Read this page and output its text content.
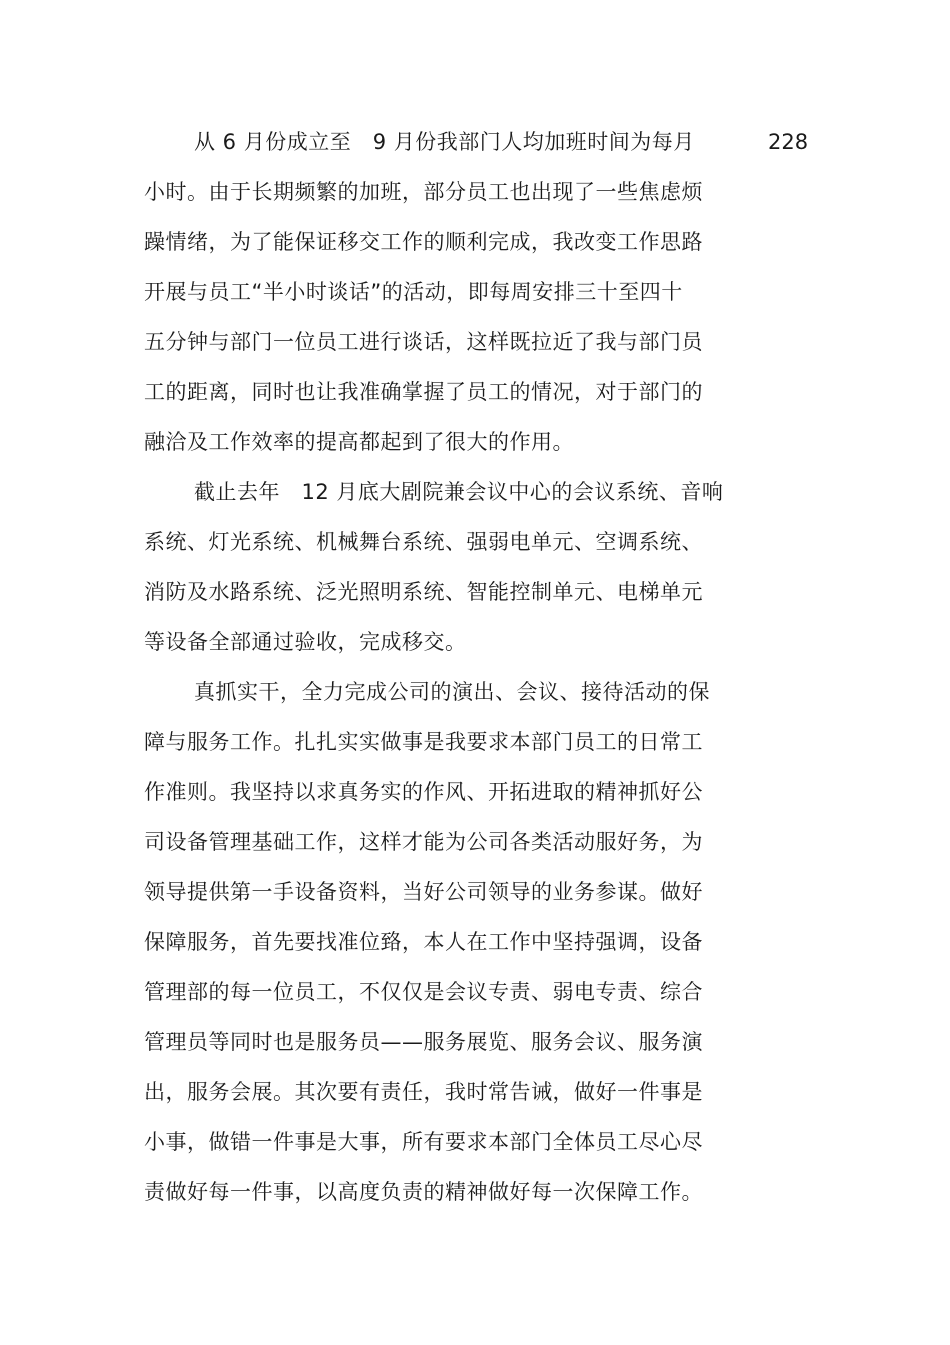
从 6 月份成立至　9 月份我部门人均加班时间为每月	228
小时。由于长期频繁的加班，部分员工也出现了一些焦虑烦
躁情绪，为了能保证移交工作的顺利完成，我改变工作思路
开展与员工“半小时谈话”的活动，即每周安排三十至四十
五分钟与部门一位员工进行谈话，这样既拉近了我与部门员
工的距离，同时也让我准确掌握了员工的情况，对于部门的
融洽及工作效率的提高都起到了很大的作用。
截止去年　12 月底大剧院兼会议中心的会议系统、音响
系统、灯光系统、机械舞台系统、强弱电单元、空调系统、
消防及水路系统、泛光照明系统、智能控制单元、电梯单元
等设备全部通过验收，完成移交。
真抓实干，全力完成公司的演出、会议、接待活动的保
障与服务工作。扎扎实实做事是我要求本部门员工的日常工
作准则。我坚持以求真务实的作风、开拓进取的精神抓好公
司设备管理基础工作，这样才能为公司各类活动服好务，为
领导提供第一手设备资料，当好公司领导的业务参谋。做好
保障服务，首先要找准位臵，本人在工作中坚持强调，设备
管理部的每一位员工，不仅仅是会议专责、弱电专责、综合
管理员等同时也是服务员——服务展览、服务会议、服务演
出，服务会展。其次要有责任，我时常告诫，做好一件事是
小事，做错一件事是大事，所有要求本部门全体员工尽心尽
责做好每一件事，以高度负责的精神做好每一次保障工作。
